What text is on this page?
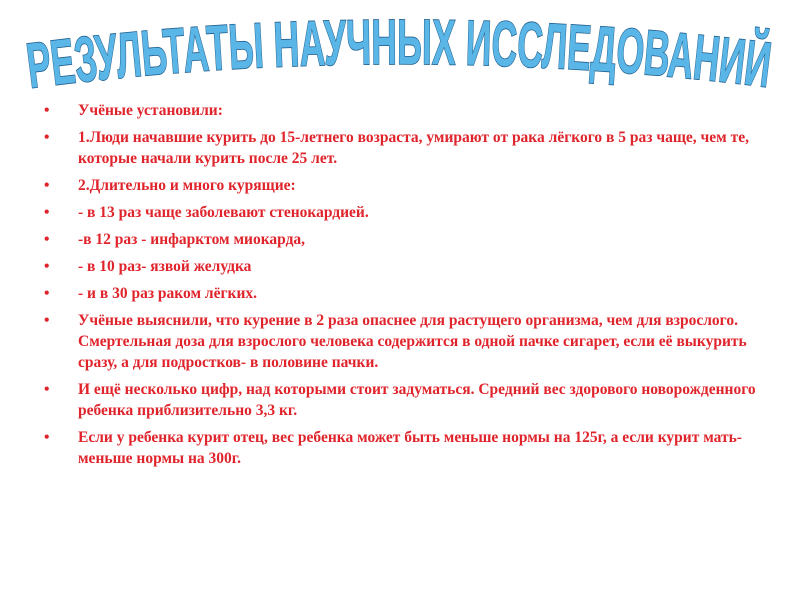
РЕЗУЛЬТАТЫ НАУЧНЫХ ИССЛЕДОВАНИЙ
• Учёные установили:
• 1.Люди начавшие курить до 15-летнего возраста, умирают от рака лёгкого в 5 раз чаще, чем те, которые начали курить после 25 лет.
• 2.Длительно и много курящие:
• - в 13 раз чаще заболевают стенокардией.
• -в 12 раз - инфарктом миокарда,
• - в 10 раз- язвой желудка
• - и в 30 раз раком лёгких.
• Учёные выяснили, что курение в 2 раза опаснее для растущего организма, чем для взрослого. Смертельная доза для взрослого человека содержится в одной пачке сигарет, если её выкурить сразу, а для подростков- в половине пачки.
• И ещё несколько цифр, над которыми стоит задуматься. Средний вес здорового новорожденного ребенка приблизительно 3,3 кг.
• Если у ребенка курит отец, вес ребенка может быть меньше нормы на 125г, а если курит мать- меньше нормы на 300г.
